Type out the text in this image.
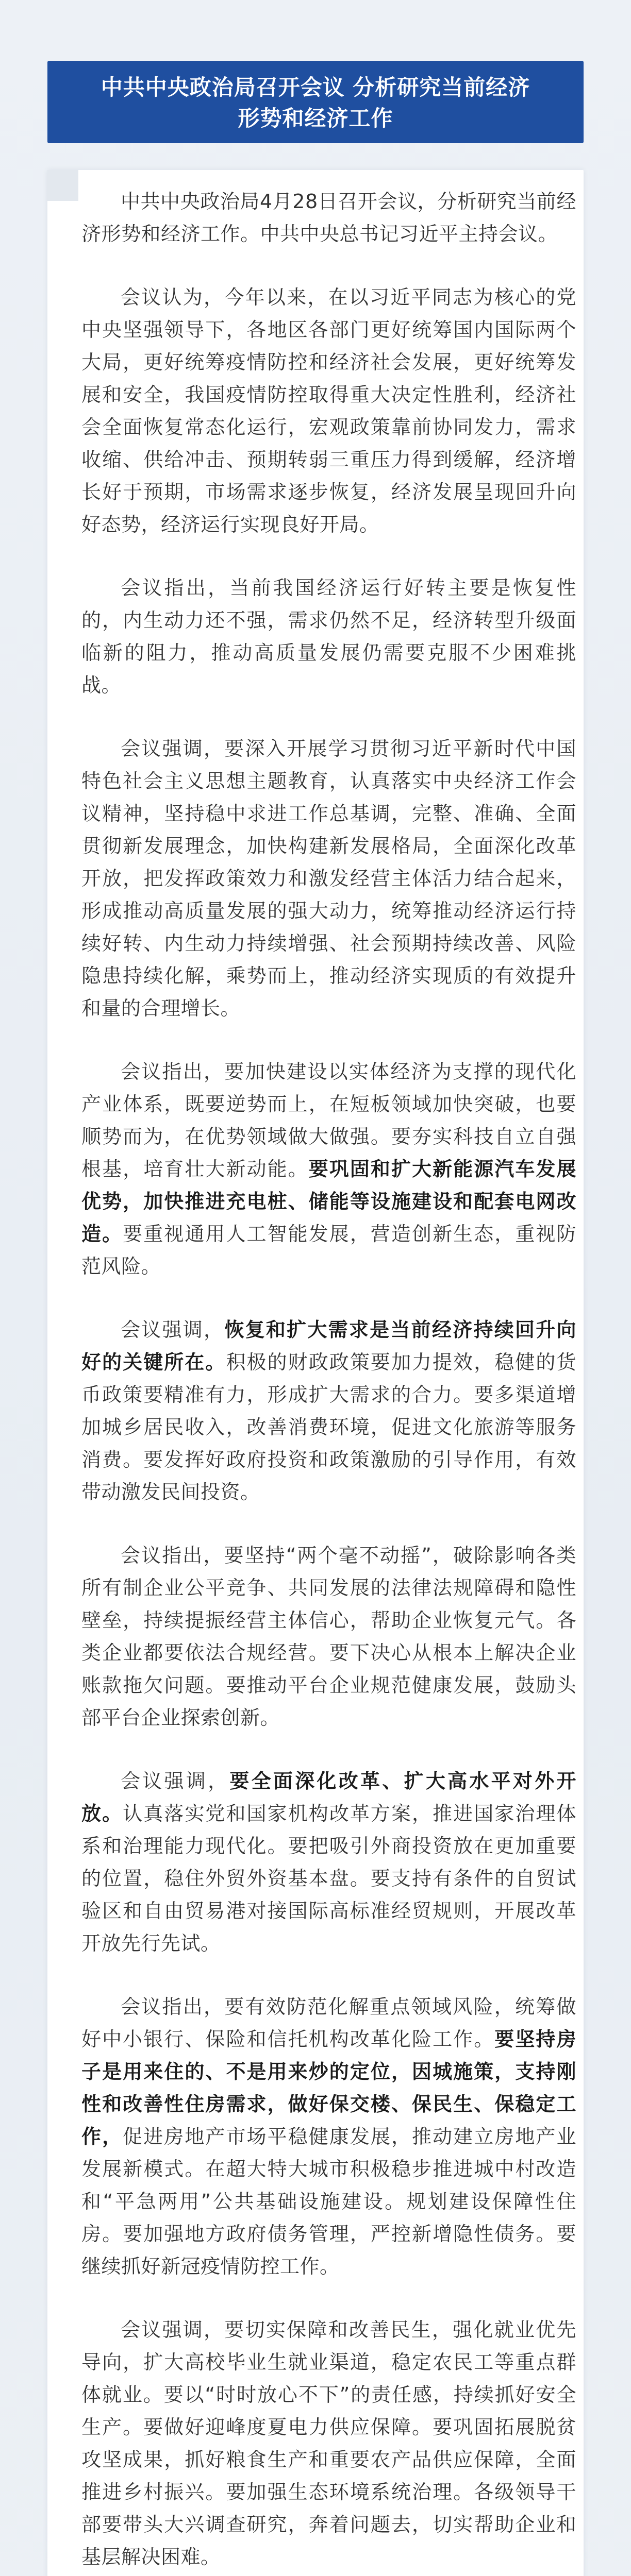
中共中央政治局召开会议 分析研究当前经济
形势和经济工作

中共中央政治局4月28日召开会议，分析研究当前经济形势和经济工作。中共中央总书记习近平主持会议。

会议认为，今年以来，在以习近平同志为核心的党中央坚强领导下，各地区各部门更好统筹国内国际两个大局，更好统筹疫情防控和经济社会发展，更好统筹发展和安全，我国疫情防控取得重大决定性胜利，经济社会全面恢复常态化运行，宏观政策靠前协同发力，需求收缩、供给冲击、预期转弱三重压力得到缓解，经济增长好于预期，市场需求逐步恢复，经济发展呈现回升向好态势，经济运行实现良好开局。

会议指出，当前我国经济运行好转主要是恢复性的，内生动力还不强，需求仍然不足，经济转型升级面临新的阻力，推动高质量发展仍需要克服不少困难挑战。

会议强调，要深入开展学习贯彻习近平新时代中国特色社会主义思想主题教育，认真落实中央经济工作会议精神，坚持稳中求进工作总基调，完整、准确、全面贯彻新发展理念，加快构建新发展格局，全面深化改革开放，把发挥政策效力和激发经营主体活力结合起来，形成推动高质量发展的强大动力，统筹推动经济运行持续好转、内生动力持续增强、社会预期持续改善、风险隐患持续化解，乘势而上，推动经济实现质的有效提升和量的合理增长。

会议指出，要加快建设以实体经济为支撑的现代化产业体系，既要逆势而上，在短板领域加快突破，也要顺势而为，在优势领域做大做强。要夯实科技自立自强根基，培育壮大新动能。要巩固和扩大新能源汽车发展优势，加快推进充电桩、储能等设施建设和配套电网改造。要重视通用人工智能发展，营造创新生态，重视防范风险。

会议强调，恢复和扩大需求是当前经济持续回升向好的关键所在。积极的财政政策要加力提效，稳健的货币政策要精准有力，形成扩大需求的合力。要多渠道增加城乡居民收入，改善消费环境，促进文化旅游等服务消费。要发挥好政府投资和政策激励的引导作用，有效带动激发民间投资。

会议指出，要坚持“两个毫不动摇”，破除影响各类所有制企业公平竞争、共同发展的法律法规障碍和隐性壁垒，持续提振经营主体信心，帮助企业恢复元气。各类企业都要依法合规经营。要下决心从根本上解决企业账款拖欠问题。要推动平台企业规范健康发展，鼓励头部平台企业探索创新。

会议强调，要全面深化改革、扩大高水平对外开放。认真落实党和国家机构改革方案，推进国家治理体系和治理能力现代化。要把吸引外商投资放在更加重要的位置，稳住外贸外资基本盘。要支持有条件的自贸试验区和自由贸易港对接国际高标准经贸规则，开展改革开放先行先试。

会议指出，要有效防范化解重点领域风险，统筹做好中小银行、保险和信托机构改革化险工作。要坚持房子是用来住的、不是用来炒的定位，因城施策，支持刚性和改善性住房需求，做好保交楼、保民生、保稳定工作，促进房地产市场平稳健康发展，推动建立房地产业发展新模式。在超大特大城市积极稳步推进城中村改造和“平急两用”公共基础设施建设。规划建设保障性住房。要加强地方政府债务管理，严控新增隐性债务。要继续抓好新冠疫情防控工作。

会议强调，要切实保障和改善民生，强化就业优先导向，扩大高校毕业生就业渠道，稳定农民工等重点群体就业。要以“时时放心不下”的责任感，持续抓好安全生产。要做好迎峰度夏电力供应保障。要巩固拓展脱贫攻坚成果，抓好粮食生产和重要农产品供应保障，全面推进乡村振兴。要加强生态环境系统治理。各级领导干部要带头大兴调查研究，奔着问题去，切实帮助企业和基层解决困难。
